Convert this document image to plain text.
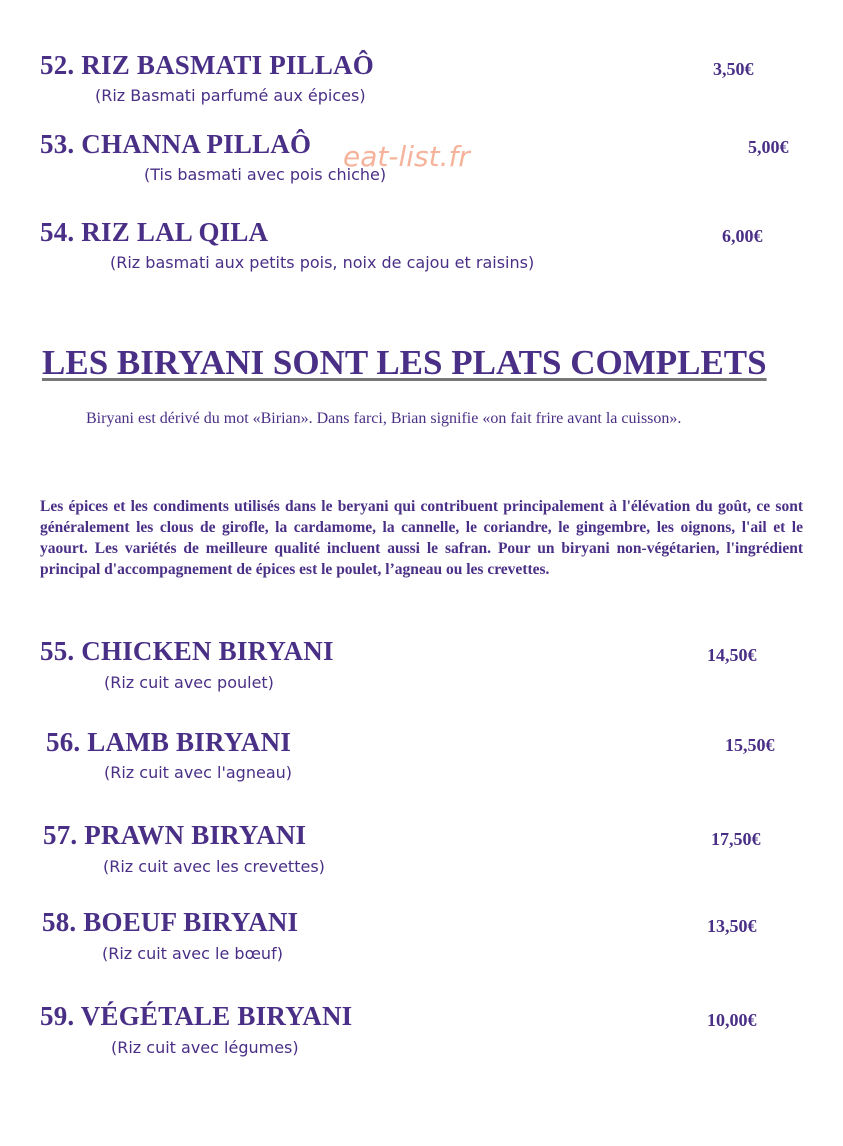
52. RIZ BASMATI PILLAÔ	3,50€
(Riz Basmati parfumé aux épices)
53. CHANNA PILLAÔ	5,00€
(Tis basmati avec pois chiche)
eat-list.fr
54. RIZ LAL QILA	6,00€
(Riz basmati aux petits pois, noix de cajou et raisins)
LES BIRYANI SONT LES PLATS COMPLETS
Biryani est dérivé du mot «Birian». Dans farci, Brian signifie «on fait frire avant la cuisson».
Les épices et les condiments utilisés dans le beryani qui contribuent principalement à l'élévation du goût, ce sont généralement les clous de girofle, la cardamome, la cannelle, le coriandre, le gingembre, les oignons, l'ail et le yaourt. Les variétés de meilleure qualité incluent aussi le safran. Pour un biryani non-végétarien, l'ingrédient principal d'accompagnement de épices est le poulet, l’agneau ou les crevettes.
55. CHICKEN BIRYANI	14,50€
(Riz cuit avec poulet)
56. LAMB BIRYANI	15,50€
(Riz cuit avec l'agneau)
57. PRAWN BIRYANI	17,50€
(Riz cuit avec les crevettes)
58. BOEUF BIRYANI	13,50€
(Riz cuit avec le bœuf)
59. VÉGÉTALE BIRYANI	10,00€
(Riz cuit avec légumes)
